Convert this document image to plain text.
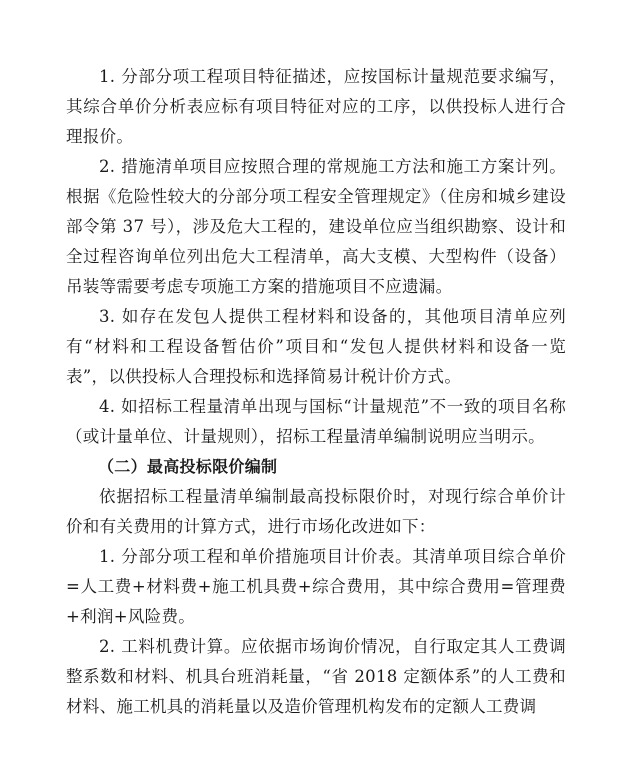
1. 分部分项工程项目特征描述，应按国标计量规范要求编写，其综合单价分析表应标有项目特征对应的工序，以供投标人进行合理报价。

2. 措施清单项目应按照合理的常规施工方法和施工方案计列。根据《危险性较大的分部分项工程安全管理规定》（住房和城乡建设部令第 37 号），涉及危大工程的，建设单位应当组织勘察、设计和全过程咨询单位列出危大工程清单，高大支模、大型构件（设备）吊装等需要考虑专项施工方案的措施项目不应遗漏。

3. 如存在发包人提供工程材料和设备的，其他项目清单应列有“材料和工程设备暂估价”项目和“发包人提供材料和设备一览表”，以供投标人合理投标和选择简易计税计价方式。

4. 如招标工程量清单出现与国标“计量规范”不一致的项目名称（或计量单位、计量规则），招标工程量清单编制说明应当明示。

（二）最高投标限价编制

依据招标工程量清单编制最高投标限价时，对现行综合单价计价和有关费用的计算方式，进行市场化改进如下：

1. 分部分项工程和单价措施项目计价表。其清单项目综合单价=人工费+材料费+施工机具费+综合费用，其中综合费用=管理费+利润+风险费。

2. 工料机费计算。应依据市场询价情况，自行取定其人工费调整系数和材料、机具台班消耗量，“省 2018 定额体系”的人工费和材料、施工机具的消耗量以及造价管理机构发布的定额人工费调
